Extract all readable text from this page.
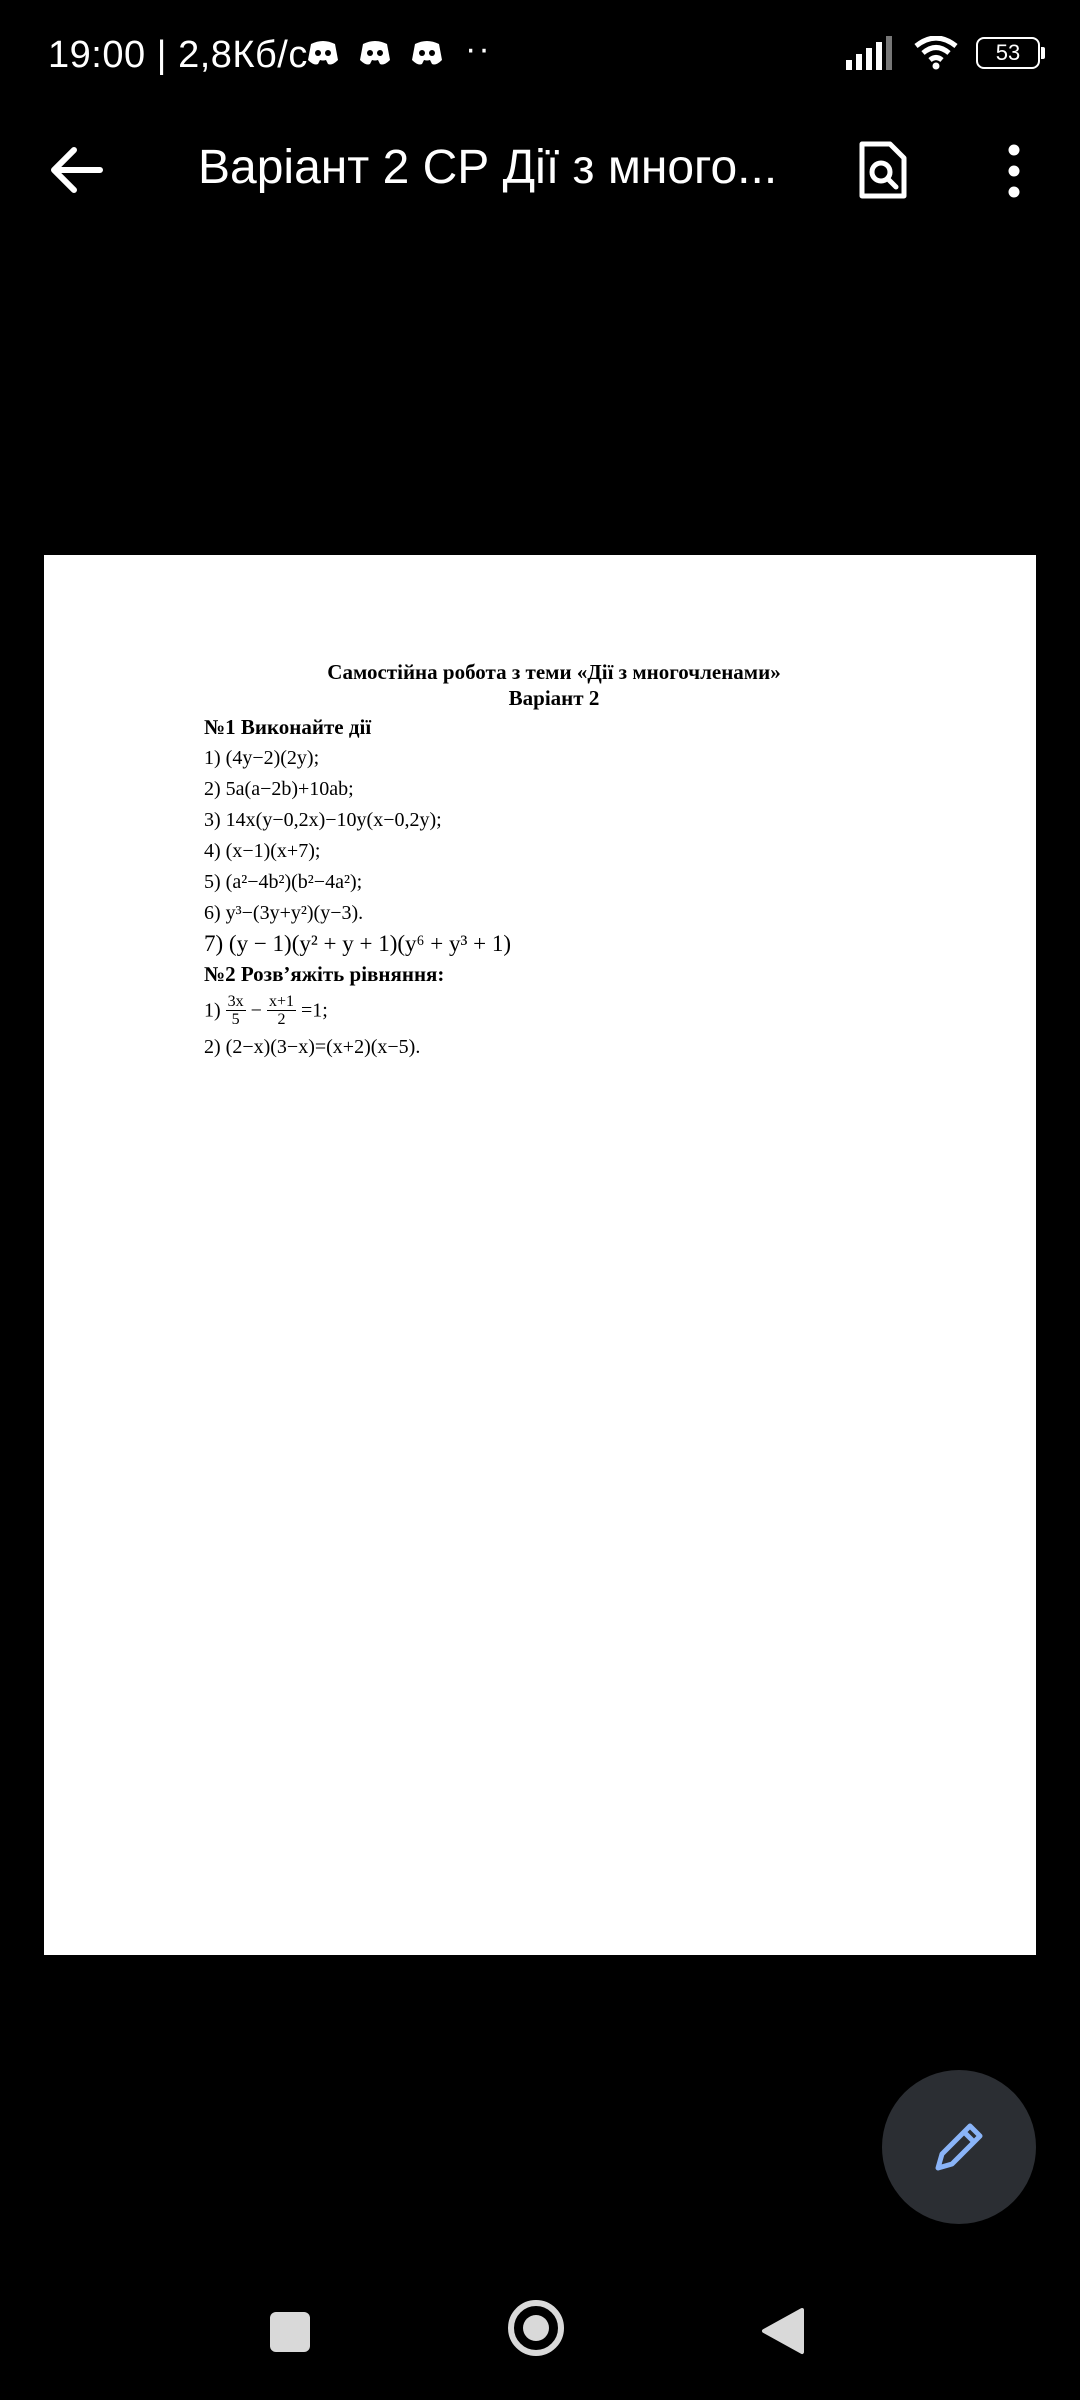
19:00 | 2,8Кб/с	··	53
Варіант 2 СР Дії з много...
Самостійна робота з теми «Дії з многочленами»
Варіант 2
№1 Виконайте дії
1) (4y−2)(2y);
2) 5a(a−2b)+10ab;
3) 14x(y−0,2x)−10y(x−0,2y);
4) (x−1)(x+7);
5) (a²−4b²)(b²−4a²);
6) y³−(3y+y²)(y−3).
7) (y − 1)(y² + y + 1)(y⁶ + y³ + 1)
№2 Розв’яжіть рівняння:
$1) \frac{3x}{5} - \frac{x+1}{2} =1$;
2) (2−x)(3−x)=(x+2)(x−5).
